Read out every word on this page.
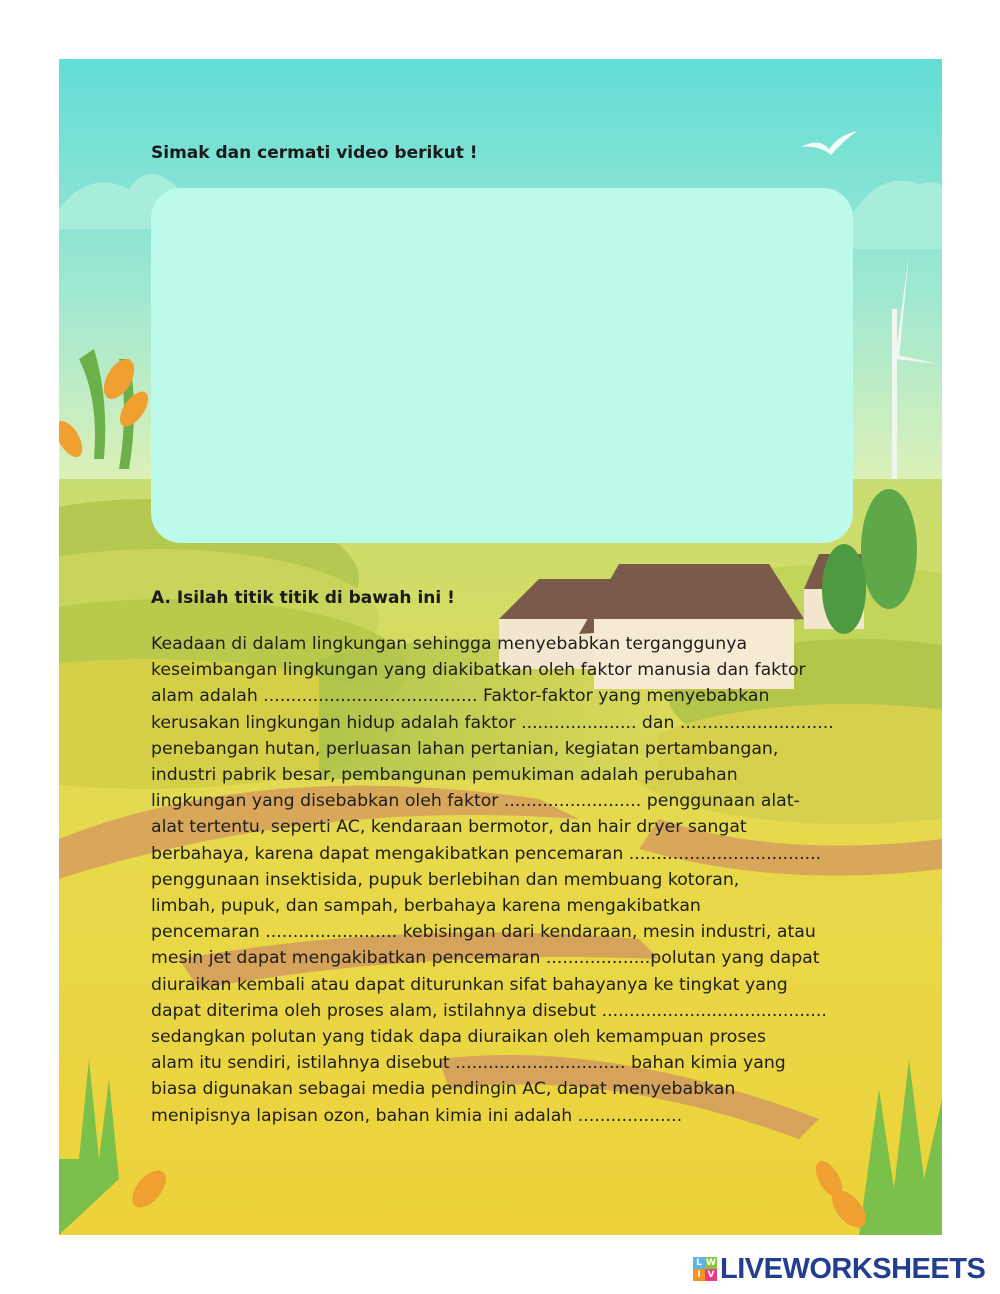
Simak dan cermati video berikut !
A. Isilah titik titik di bawah ini !

Keadaan di dalam lingkungan sehingga menyebabkan terganggunya
keseimbangan lingkungan yang diakibatkan oleh faktor manusia dan faktor
alam adalah ....................................... Faktor-faktor yang menyebabkan
kerusakan lingkungan hidup adalah faktor ..................... dan ............................
penebangan hutan, perluasan lahan pertanian, kegiatan pertambangan,
industri pabrik besar, pembangunan pemukiman adalah perubahan
lingkungan yang disebabkan oleh faktor ......................... penggunaan alat-
alat tertentu, seperti AC, kendaraan bermotor, dan hair dryer sangat
berbahaya, karena dapat mengakibatkan pencemaran ...................................
penggunaan insektisida, pupuk berlebihan dan membuang kotoran,
limbah, pupuk, dan sampah, berbahaya karena mengakibatkan
pencemaran ........................ kebisingan dari kendaraan, mesin industri, atau
mesin jet dapat mengakibatkan pencemaran ...................polutan yang dapat
diuraikan kembali atau dapat diturunkan sifat bahayanya ke tingkat yang
dapat diterima oleh proses alam, istilahnya disebut .........................................
sedangkan polutan yang tidak dapa diuraikan oleh kemampuan proses
alam itu sendiri, istilahnya disebut ............................... bahan kimia yang
biasa digunakan sebagai media pendingin AC, dapat menyebabkan
menipisnya lapisan ozon, bahan kimia ini adalah ...................

L W
I V LIVEWORKSHEETS
